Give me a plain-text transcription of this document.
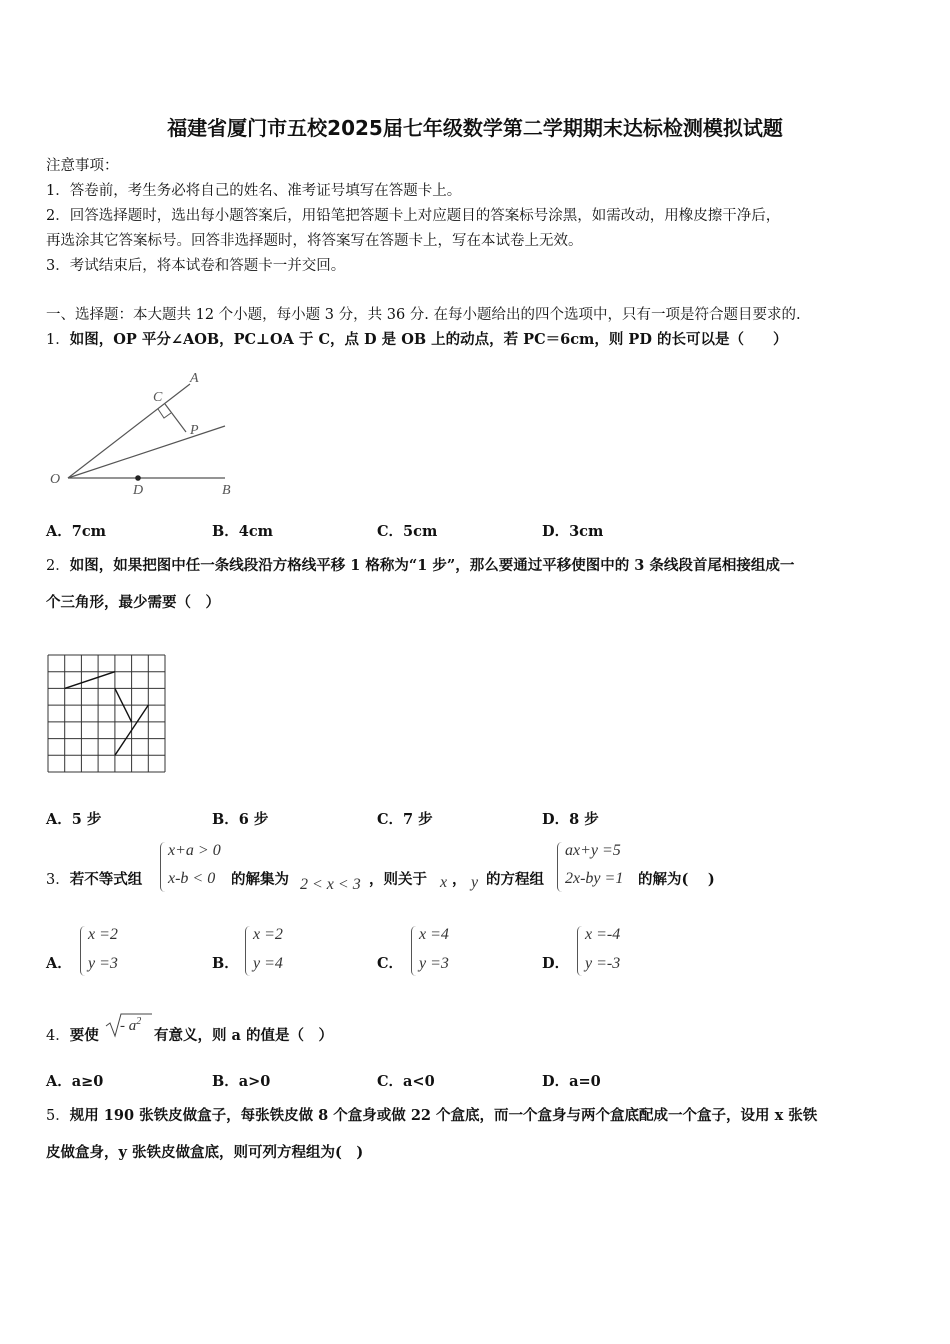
福建省厦门市五校2025届七年级数学第二学期期末达标检测模拟试题
注意事项：
1．答卷前，考生务必将自己的姓名、准考证号填写在答题卡上。
2．回答选择题时，选出每小题答案后，用铅笔把答题卡上对应题目的答案标号涂黑，如需改动，用橡皮擦干净后，
再选涂其它答案标号。回答非选择题时，将答案写在答题卡上，写在本试卷上无效。
3．考试结束后，将本试卷和答题卡一并交回。
一、选择题：本大题共 12 个小题，每小题 3 分，共 36 分. 在每小题给出的四个选项中，只有一项是符合题目要求的.
1．如图，OP 平分∠AOB，PC⊥OA 于 C，点 D 是 OB 上的动点，若 PC＝6cm，则 PD 的长可以是（　　）
A
B
C
D
O
P
A．7cm	B．4cm	C．5cm	D．3cm
2．如图，如果把图中任一条线段沿方格线平移 1 格称为“1 步”，那么要通过平移使图中的 3 条线段首尾相接组成一
个三角形，最少需要（　）
A．5 步	B．6 步	C．7 步	D．8 步
3．若不等式组
x+a > 0
x-b < 0 的解集为 2 < x < 3 ，则关于 x ， y 的方程组
ax+y =5
2x-by =1 的解为(　 )
A．
x =2
y =3	B．
x =2
y =4	C．
x =4
y =3	D．
x =-4
y =-3
4．要使
- $a^2$
有意义，则 a 的值是（　）
A．a≥0	B．a>0	C．a<0	D．a=0
5．规用 190 张铁皮做盒子，每张铁皮做 8 个盒身或做 22 个盒底，而一个盒身与两个盒底配成一个盒子，设用 x 张铁
皮做盒身，y 张铁皮做盒底，则可列方程组为(　)
